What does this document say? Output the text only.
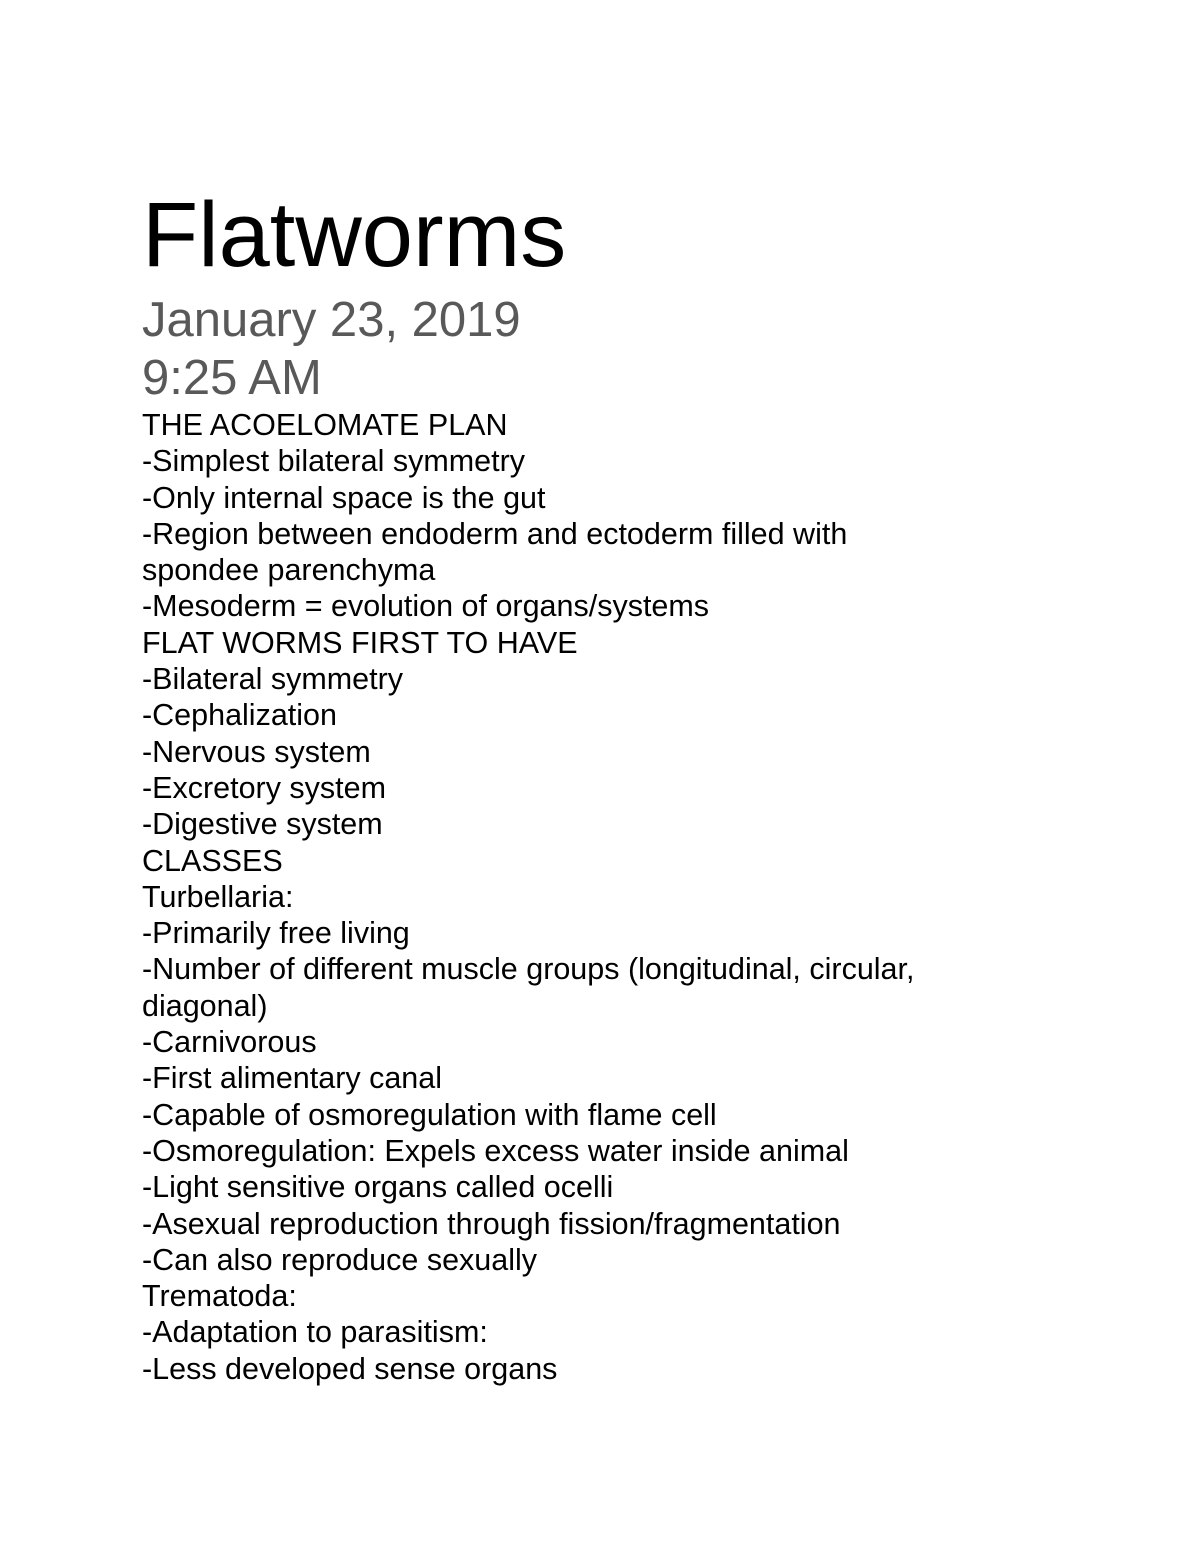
Flatworms
January 23, 2019
9:25 AM
THE ACOELOMATE PLAN
-Simplest bilateral symmetry
-Only internal space is the gut
-Region between endoderm and ectoderm filled with
spondee parenchyma
-Mesoderm = evolution of organs/systems
FLAT WORMS FIRST TO HAVE
-Bilateral symmetry
-Cephalization
-Nervous system
-Excretory system
-Digestive system
CLASSES
Turbellaria:
-Primarily free living
-Number of different muscle groups (longitudinal, circular,
diagonal)
-Carnivorous
-First alimentary canal
-Capable of osmoregulation with flame cell
-Osmoregulation: Expels excess water inside animal
-Light sensitive organs called ocelli
-Asexual reproduction through fission/fragmentation
-Can also reproduce sexually
Trematoda:
-Adaptation to parasitism:
-Less developed sense organs
